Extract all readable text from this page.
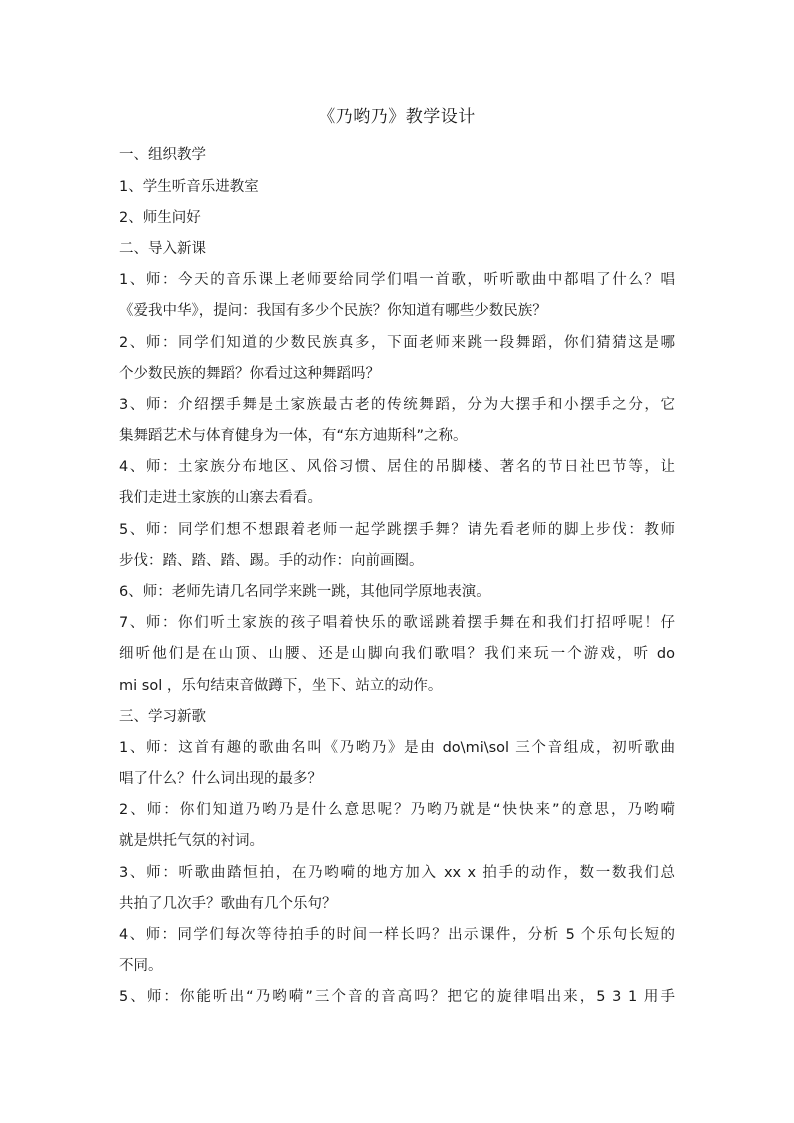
《乃哟乃》教学设计
一、组织教学
1、学生听音乐进教室
2、师生问好
二、导入新课
1、师：今天的音乐课上老师要给同学们唱一首歌，听听歌曲中都唱了什么？唱
《爱我中华》，提问：我国有多少个民族？你知道有哪些少数民族？
2、师：同学们知道的少数民族真多，下面老师来跳一段舞蹈，你们猜猜这是哪
个少数民族的舞蹈？你看过这种舞蹈吗？
3、师：介绍摆手舞是土家族最古老的传统舞蹈，分为大摆手和小摆手之分，它
集舞蹈艺术与体育健身为一体，有“东方迪斯科”之称。
4、师：土家族分布地区、风俗习惯、居住的吊脚楼、著名的节日社巴节等，让
我们走进土家族的山寨去看看。
5、师：同学们想不想跟着老师一起学跳摆手舞？请先看老师的脚上步伐：教师
步伐：踏、踏、踏、踢。手的动作：向前画圈。
6、师：老师先请几名同学来跳一跳，其他同学原地表演。
7、师：你们听土家族的孩子唱着快乐的歌谣跳着摆手舞在和我们打招呼呢！仔
细听他们是在山顶、山腰、还是山脚向我们歌唱？我们来玩一个游戏，听 do
mi sol ，乐句结束音做蹲下，坐下、站立的动作。
三、学习新歌
1、师：这首有趣的歌曲名叫《乃哟乃》是由 do\mi\sol 三个音组成，初听歌曲
唱了什么？什么词出现的最多？
2、师：你们知道乃哟乃是什么意思呢？乃哟乃就是“快快来”的意思，乃哟嗬
就是烘托气氛的衬词。
3、师：听歌曲踏恒拍，在乃哟嗬的地方加入 xx x 拍手的动作，数一数我们总
共拍了几次手？歌曲有几个乐句？
4、师：同学们每次等待拍手的时间一样长吗？出示课件，分析 5 个乐句长短的
不同。
5、师：你能听出“乃哟嗬”三个音的音高吗？把它的旋律唱出来，5 3 1 用手
